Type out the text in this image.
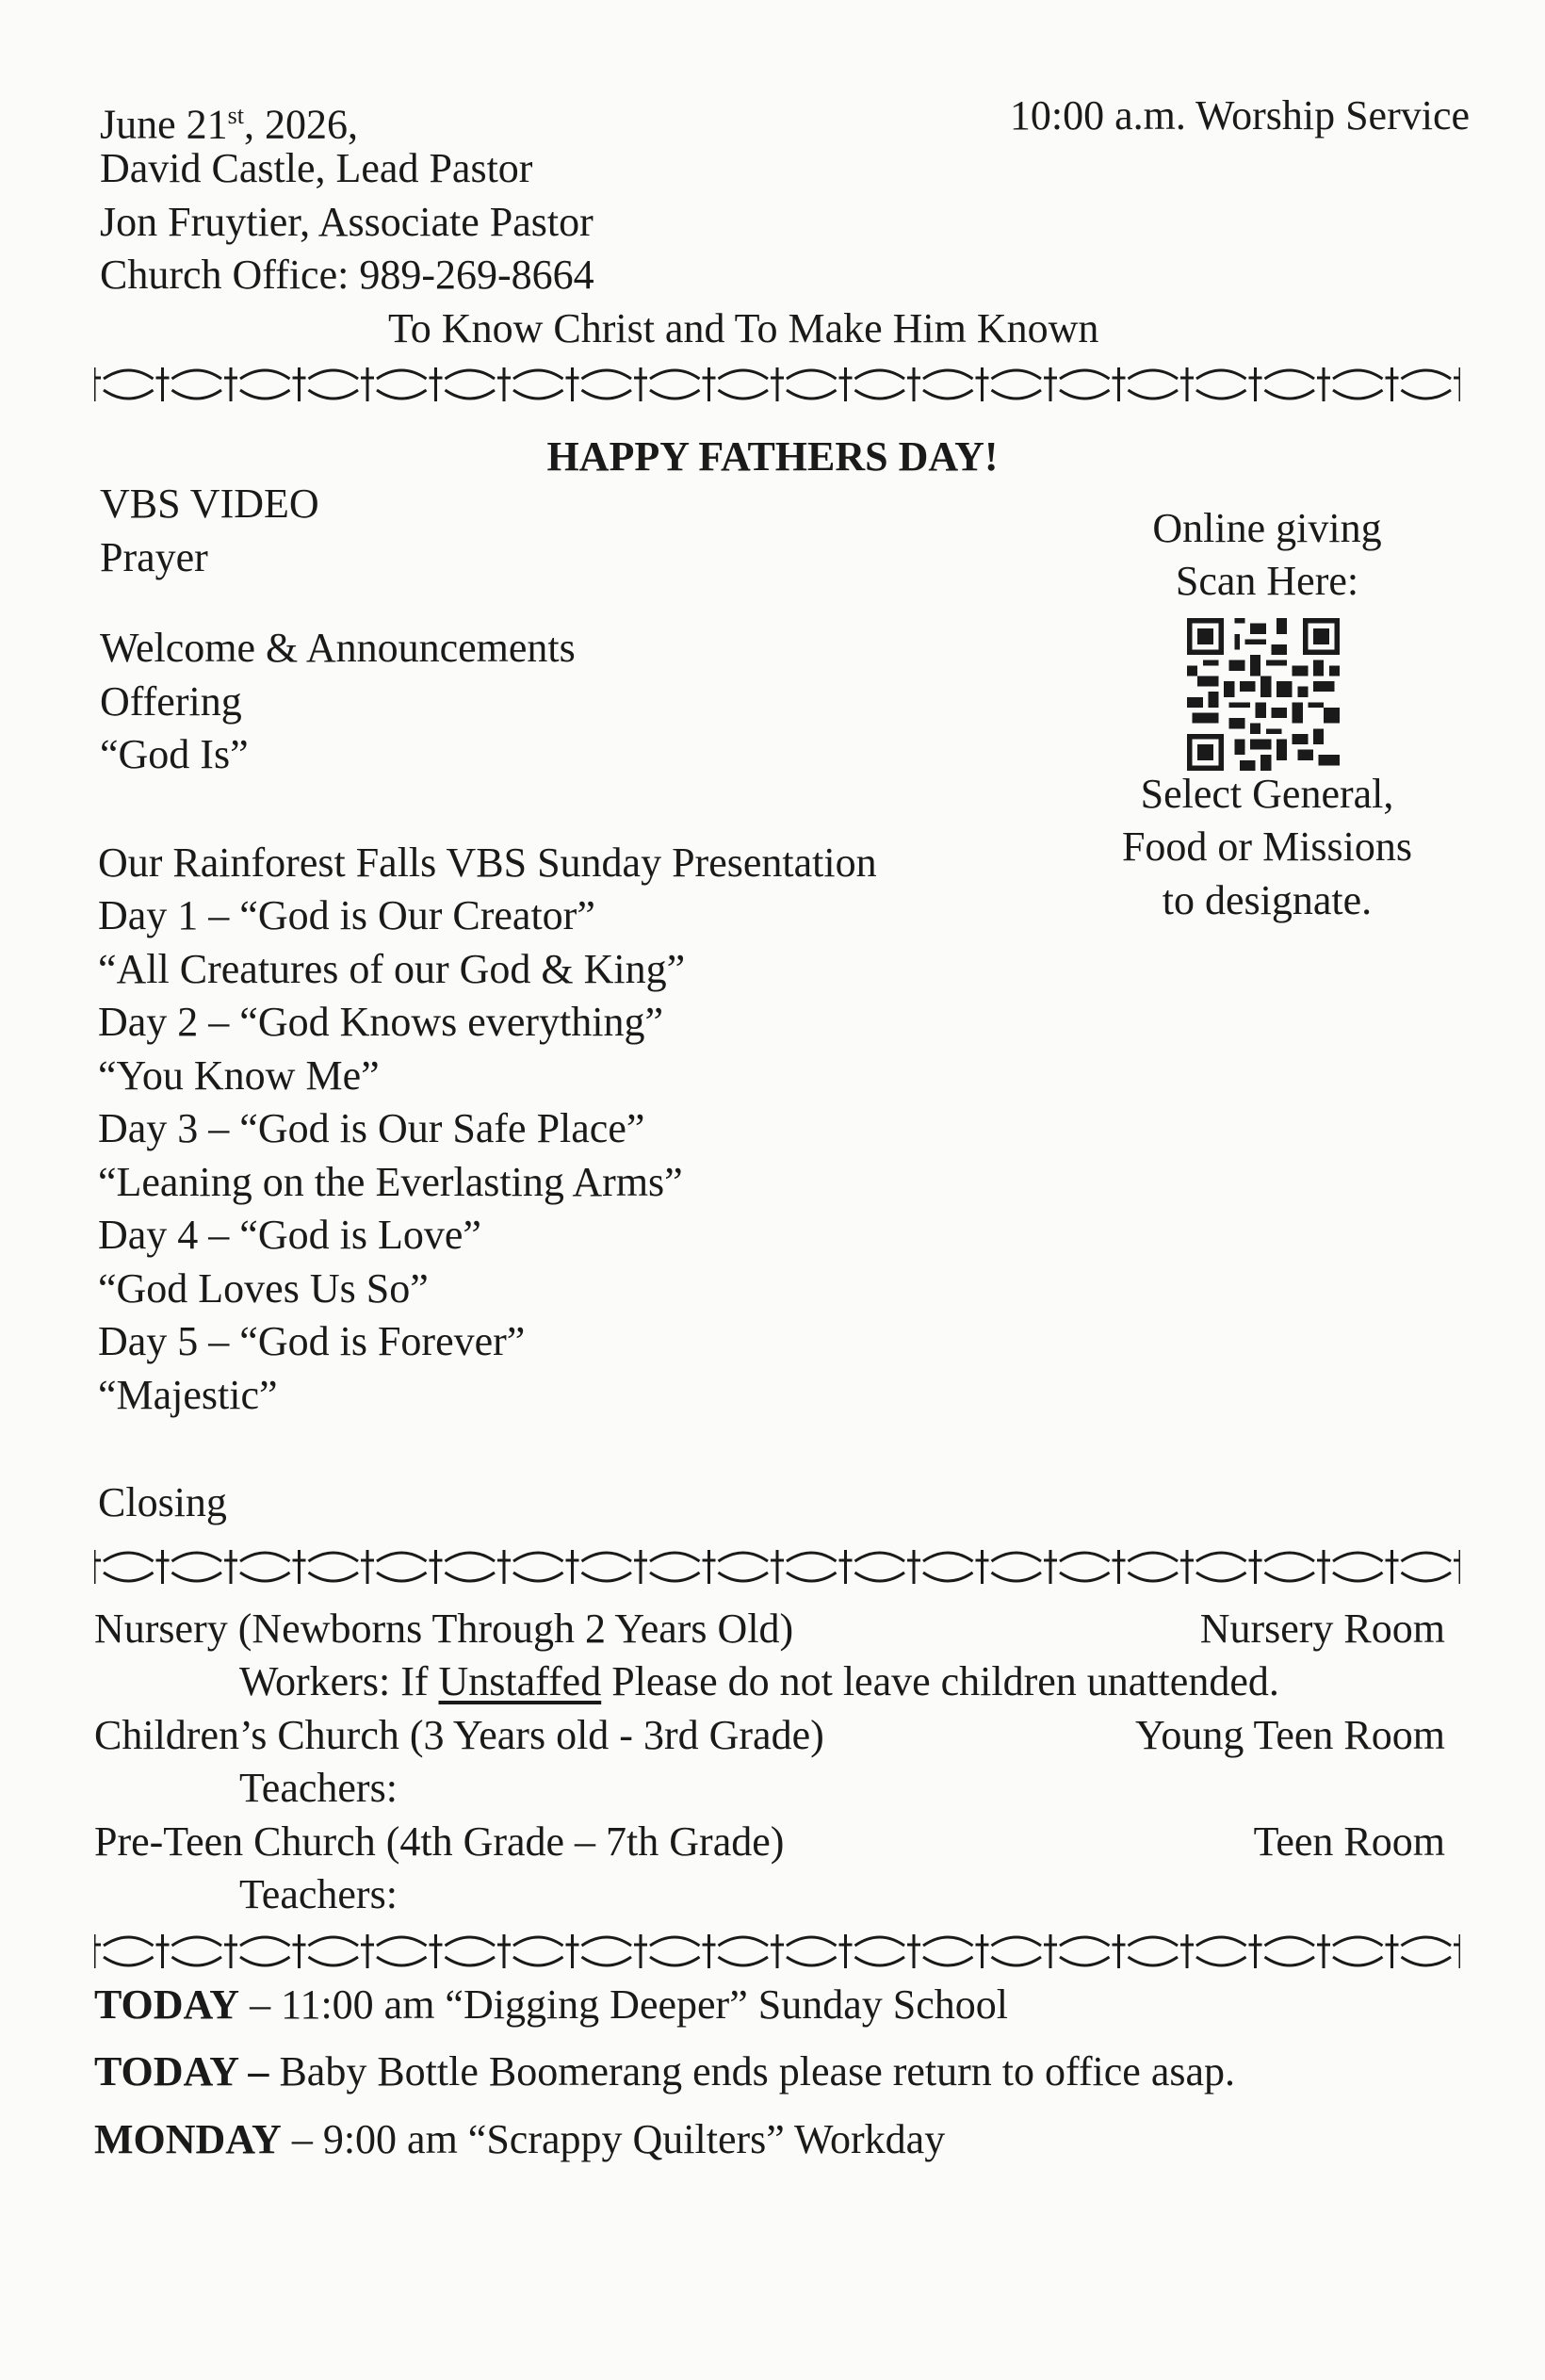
June 21st, 2026,	10:00 a.m. Worship Service
David Castle, Lead Pastor
Jon Fruytier, Associate Pastor
Church Office: 989-269-8664
To Know Christ and To Make Him Known
HAPPY FATHERS DAY!
VBS VIDEO
Prayer
Welcome & Announcements
Offering
“God Is”
Our Rainforest Falls VBS Sunday Presentation
Day 1 – “God is Our Creator”
“All Creatures of our God & King”
Day 2 – “God Knows everything”
“You Know Me”
Day 3 – “God is Our Safe Place”
“Leaning on the Everlasting Arms”
Day 4 – “God is Love”
“God Loves Us So”
Day 5 – “God is Forever”
“Majestic”
Closing
Online giving
Scan Here:
Select General,
Food or Missions
to designate.
Nursery (Newborns Through 2 Years Old)	Nursery Room
Workers: If Unstaffed Please do not leave children unattended.
Children’s Church (3 Years old - 3rd Grade)	Young Teen Room
Teachers:
Pre-Teen Church (4th Grade – 7th Grade)	Teen Room
Teachers:
TODAY – 11:00 am “Digging Deeper” Sunday School
TODAY – Baby Bottle Boomerang ends please return to office asap.
MONDAY – 9:00 am “Scrappy Quilters” Workday
